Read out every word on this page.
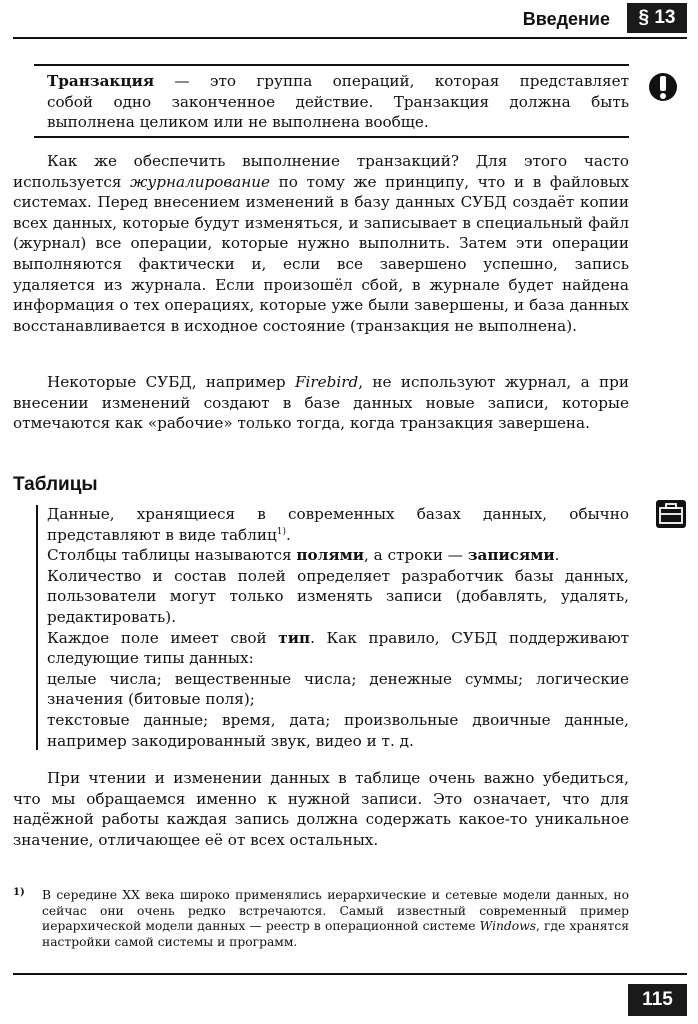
Введение	§ 13
Транзакция — это группа операций, которая представляет
собой одно законченное действие. Транзакция должна быть
выполнена целиком или не выполнена вообще.
Как же обеспечить выполнение транзакций? Для этого часто используется журналирование по тому же принципу, что и в файловых системах. Перед внесением изменений в базу данных СУБД создаёт копии всех данных, которые будут изменяться, и записывает в специальный файл (журнал) все операции, которые нужно выполнить. Затем эти операции выполняются фактически и, если все завершено успешно, запись удаляется из журнала. Если произошёл сбой, в журнале будет найдена информация о тех операциях, которые уже были завершены, и база данных восстанавливается в исходное состояние (транзакция не выполнена).
Некоторые СУБД, например Firebird, не используют журнал, а при внесении изменений создают в базе данных новые записи, которые отмечаются как «рабочие» только тогда, когда транзакция завершена.
Таблицы
Данные, хранящиеся в современных базах данных, обычно представляют в виде таблиц$^{1)}$.
Столбцы таблицы называются полями, а строки — записями.
Количество и состав полей определяет разработчик базы данных, пользователи могут только изменять записи (добавлять, удалять, редактировать).
Каждое поле имеет свой тип. Как правило, СУБД поддерживают следующие типы данных:
целые числа; вещественные числа; денежные суммы; логические значения (битовые поля);
текстовые данные; время, дата; произвольные двоичные данные, например закодированный звук, видео и т. д.
При чтении и изменении данных в таблице очень важно убедиться, что мы обращаемся именно к нужной записи. Это означает, что для надёжной работы каждая запись должна содержать какое-то уникальное значение, отличающее её от всех остальных.
1) В середине XX века широко применялись иерархические и сетевые модели данных, но сейчас они очень редко встречаются. Самый известный современный пример иерархической модели данных — реестр в операционной системе Windows, где хранятся настройки самой системы и программ.
115
